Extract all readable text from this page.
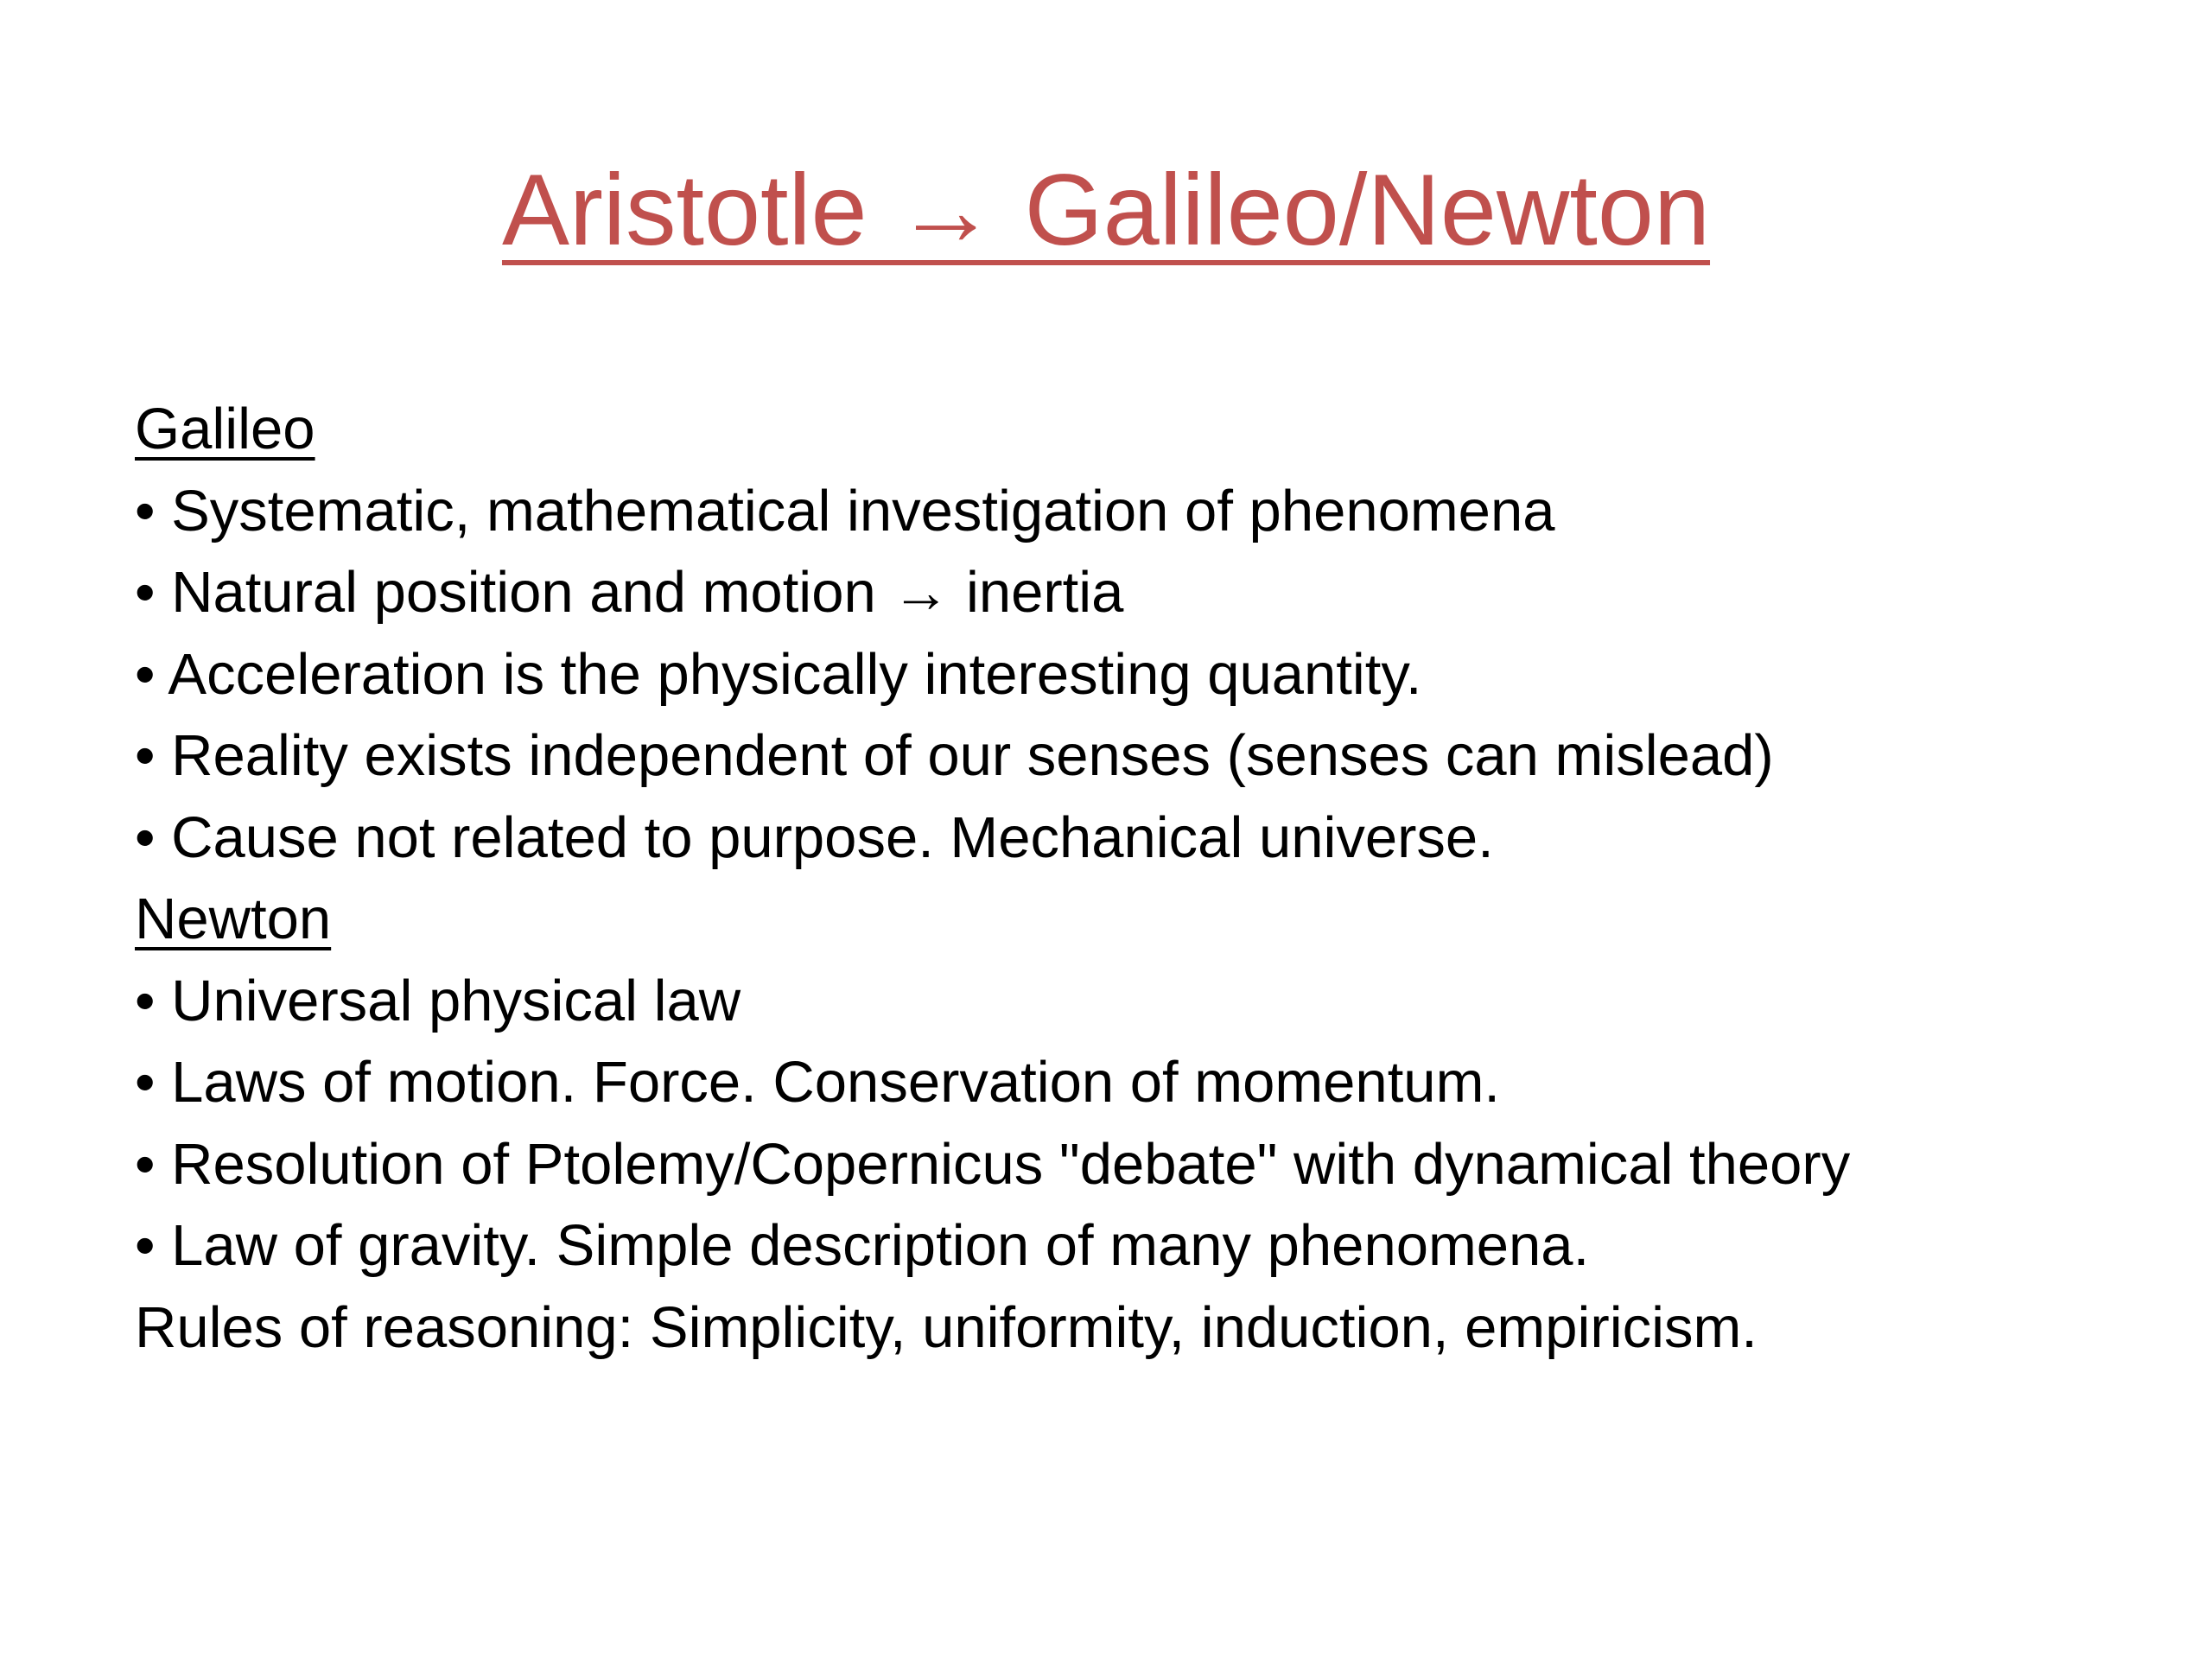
Aristotle → Galileo/Newton
Galileo
• Systematic, mathematical investigation of phenomena
• Natural position and motion → inertia
• Acceleration is the physically interesting quantity.
• Reality exists independent of our senses (senses can mislead)
• Cause not related to purpose. Mechanical universe.
Newton
• Universal physical law
• Laws of motion. Force. Conservation of momentum.
• Resolution of Ptolemy/Copernicus "debate" with dynamical theory
• Law of gravity. Simple description of many phenomena.
Rules of reasoning: Simplicity, uniformity, induction, empiricism.
